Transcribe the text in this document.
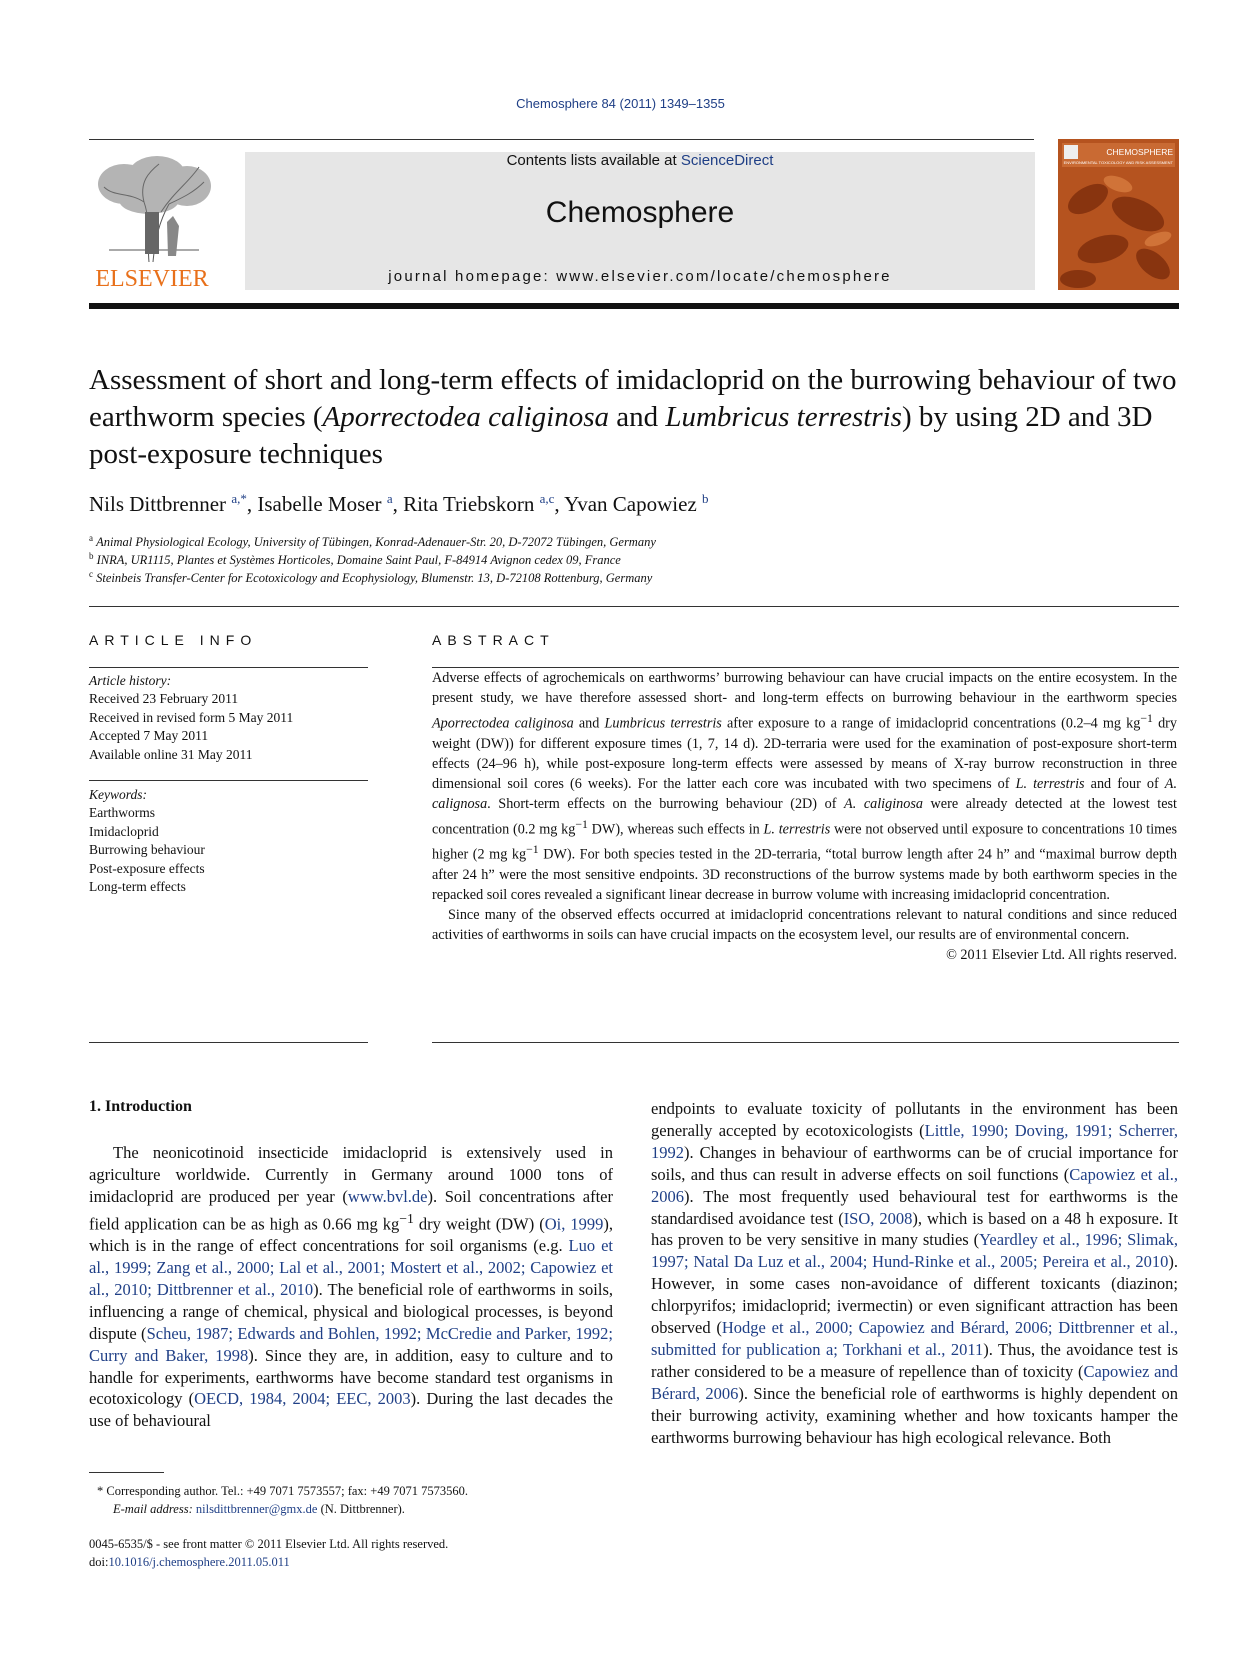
Chemosphere 84 (2011) 1349–1355
ELSEVIER
Contents lists available at ScienceDirect
Chemosphere
journal homepage: www.elsevier.com/locate/chemosphere
CHEMOSPHERE
ENVIRONMENTAL TOXICOLOGY AND RISK ASSESSMENT
Assessment of short and long-term effects of imidacloprid on the burrowing behaviour of two earthworm species (Aporrectodea caliginosa and Lumbricus terrestris) by using 2D and 3D post-exposure techniques
Nils Dittbrenner $^{a,*}$, Isabelle Moser $^a$, Rita Triebskorn $^{a,c}$, Yvan Capowiez $^b$
$^a$ Animal Physiological Ecology, University of Tübingen, Konrad-Adenauer-Str. 20, D-72072 Tübingen, Germany
$^b$ INRA, UR1115, Plantes et Systèmes Horticoles, Domaine Saint Paul, F-84914 Avignon cedex 09, France
$^c$ Steinbeis Transfer-Center for Ecotoxicology and Ecophysiology, Blumenstr. 13, D-72108 Rottenburg, Germany
ARTICLE INFO
Article history:
Received 23 February 2011
Received in revised form 5 May 2011
Accepted 7 May 2011
Available online 31 May 2011
Keywords:
Earthworms
Imidacloprid
Burrowing behaviour
Post-exposure effects
Long-term effects
ABSTRACT

Adverse effects of agrochemicals on earthworms’ burrowing behaviour can have crucial impacts on the entire ecosystem. In the present study, we have therefore assessed short- and long-term effects on burrowing behaviour in the earthworm species Aporrectodea caliginosa and Lumbricus terrestris after exposure to a range of imidacloprid concentrations (0.2–4 mg $kg^{-1}$ dry weight (DW)) for different exposure times (1, 7, 14 d). 2D-terraria were used for the examination of post-exposure short-term effects (24–96 h), while post-exposure long-term effects were assessed by means of X-ray burrow reconstruction in three dimensional soil cores (6 weeks). For the latter each core was incubated with two specimens of L. terrestris and four of A. calignosa. Short-term effects on the burrowing behaviour (2D) of A. caliginosa were already detected at the lowest test concentration (0.2 mg $kg^{-1}$ DW), whereas such effects in L. terrestris were not observed until exposure to concentrations 10 times higher (2 mg $kg^{-1}$ DW). For both species tested in the 2D-terraria, “total burrow length after 24 h” and “maximal burrow depth after 24 h” were the most sensitive endpoints. 3D reconstructions of the burrow systems made by both earthworm species in the repacked soil cores revealed a significant linear decrease in burrow volume with increasing imidacloprid concentration.

Since many of the observed effects occurred at imidacloprid concentrations relevant to natural conditions and since reduced activities of earthworms in soils can have crucial impacts on the ecosystem level, our results are of environmental concern.

© 2011 Elsevier Ltd. All rights reserved.

1. Introduction

The neonicotinoid insecticide imidacloprid is extensively used in agriculture worldwide. Currently in Germany around 1000 tons of imidacloprid are produced per year (www.bvl.de). Soil concentrations after field application can be as high as 0.66 mg $kg^{-1}$ dry weight (DW) (Oi, 1999), which is in the range of effect concentrations for soil organisms (e.g. Luo et al., 1999; Zang et al., 2000; Lal et al., 2001; Mostert et al., 2002; Capowiez et al., 2010; Dittbrenner et al., 2010). The beneficial role of earthworms in soils, influencing a range of chemical, physical and biological processes, is beyond dispute (Scheu, 1987; Edwards and Bohlen, 1992; McCredie and Parker, 1992; Curry and Baker, 1998). Since they are, in addition, easy to culture and to handle for experiments, earthworms have become standard test organisms in ecotoxicology (OECD, 1984, 2004; EEC, 2003). During the last decades the use of behavioural

endpoints to evaluate toxicity of pollutants in the environment has been generally accepted by ecotoxicologists (Little, 1990; Doving, 1991; Scherrer, 1992). Changes in behaviour of earthworms can be of crucial importance for soils, and thus can result in adverse effects on soil functions (Capowiez et al., 2006). The most frequently used behavioural test for earthworms is the standardised avoidance test (ISO, 2008), which is based on a 48 h exposure. It has proven to be very sensitive in many studies (Yeardley et al., 1996; Slimak, 1997; Natal Da Luz et al., 2004; Hund-Rinke et al., 2005; Pereira et al., 2010). However, in some cases non-avoidance of different toxicants (diazinon; chlorpyrifos; imidacloprid; ivermectin) or even significant attraction has been observed (Hodge et al., 2000; Capowiez and Bérard, 2006; Dittbrenner et al., submitted for publication a; Torkhani et al., 2011). Thus, the avoidance test is rather considered to be a measure of repellence than of toxicity (Capowiez and Bérard, 2006). Since the beneficial role of earthworms is highly dependent on their burrowing activity, examining whether and how toxicants hamper the earthworms burrowing behaviour has high ecological relevance. Both

* Corresponding author. Tel.: +49 7071 7573557; fax: +49 7071 7573560.
E-mail address: nilsdittbrenner@gmx.de (N. Dittbrenner).
0045-6535/$ - see front matter © 2011 Elsevier Ltd. All rights reserved.
doi:10.1016/j.chemosphere.2011.05.011
